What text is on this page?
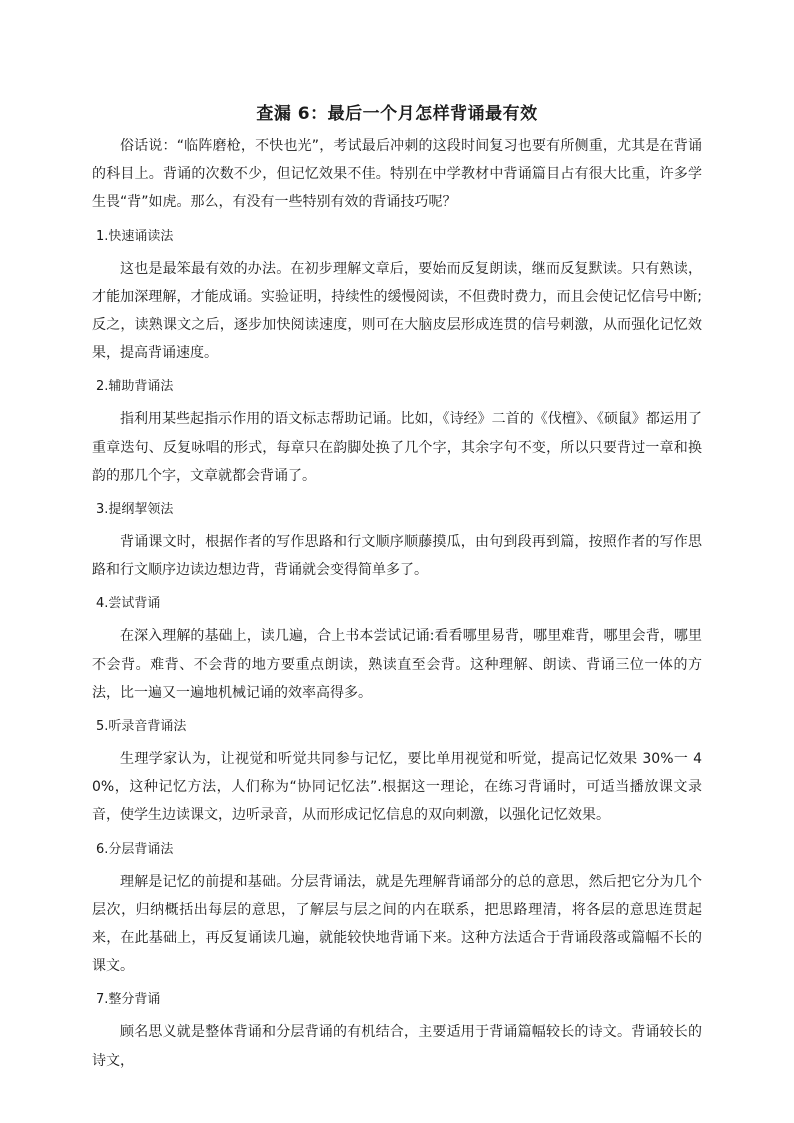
查漏 6：最后一个月怎样背诵最有效

俗话说：“临阵磨枪，不快也光”，考试最后冲刺的这段时间复习也要有所侧重，尤其是在背诵的科目上。背诵的次数不少，但记忆效果不佳。特别在中学教材中背诵篇目占有很大比重，许多学生畏“背”如虎。那么，有没有一些特别有效的背诵技巧呢？

1.快速诵读法

这也是最笨最有效的办法。在初步理解文章后，要始而反复朗读，继而反复默读。只有熟读，才能加深理解，才能成诵。实验证明，持续性的缓慢阅读，不但费时费力，而且会使记忆信号中断;反之，读熟课文之后，逐步加快阅读速度，则可在大脑皮层形成连贯的信号刺激，从而强化记忆效果，提高背诵速度。

2.辅助背诵法

指利用某些起指示作用的语文标志帮助记诵。比如，《诗经》二首的《伐檀》、《硕鼠》都运用了重章迭句、反复咏唱的形式，每章只在韵脚处换了几个字，其余字句不变，所以只要背过一章和换韵的那几个字，文章就都会背诵了。

3.提纲挈领法

背诵课文时，根据作者的写作思路和行文顺序顺藤摸瓜，由句到段再到篇，按照作者的写作思路和行文顺序边读边想边背，背诵就会变得简单多了。

4.尝试背诵

在深入理解的基础上，读几遍，合上书本尝试记诵:看看哪里易背，哪里难背，哪里会背，哪里不会背。难背、不会背的地方要重点朗读，熟读直至会背。这种理解、朗读、背诵三位一体的方法，比一遍又一遍地机械记诵的效率高得多。

5.听录音背诵法

生理学家认为，让视觉和听觉共同参与记忆，要比单用视觉和听觉，提高记忆效果 30%一 40%，这种记忆方法，人们称为“协同记忆法”.根据这一理论，在练习背诵时，可适当播放课文录音，使学生边读课文，边听录音，从而形成记忆信息的双向刺激，以强化记忆效果。

6.分层背诵法

理解是记忆的前提和基础。分层背诵法，就是先理解背诵部分的总的意思，然后把它分为几个层次，归纳概括出每层的意思，了解层与层之间的内在联系，把思路理清，将各层的意思连贯起来，在此基础上，再反复诵读几遍，就能较快地背诵下来。这种方法适合于背诵段落或篇幅不长的课文。

7.整分背诵

顾名思义就是整体背诵和分层背诵的有机结合，主要适用于背诵篇幅较长的诗文。背诵较长的诗文，
